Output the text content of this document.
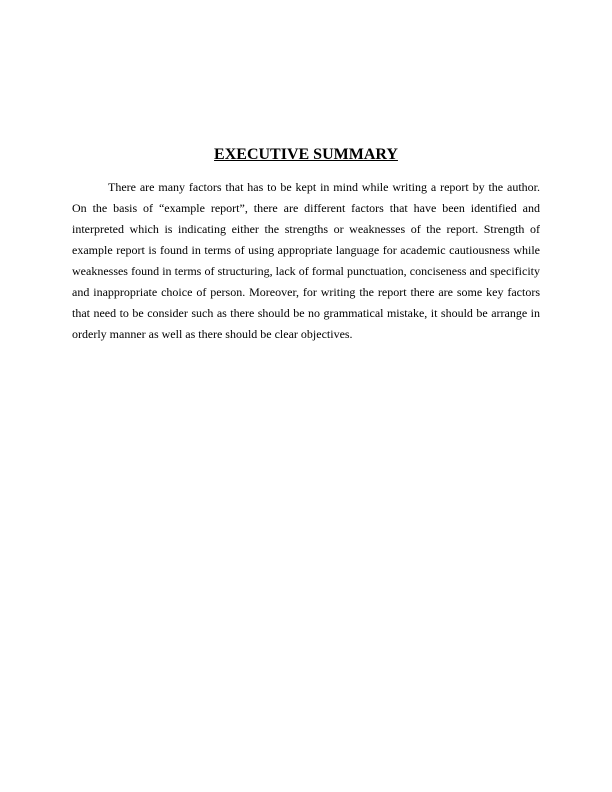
EXECUTIVE SUMMARY
There are many factors that has to be kept in mind while writing a report by the author.
On the basis of “example report”, there are different factors that have been identified and
interpreted which is indicating either the strengths or weaknesses of the report. Strength of
example report is found in terms of using appropriate language for academic cautiousness while
weaknesses found in terms of structuring, lack of formal punctuation, conciseness and specificity
and inappropriate choice of person. Moreover, for writing the report there are some key factors
that need to be consider such as there should be no grammatical mistake, it should be arrange in
orderly manner as well as there should be clear objectives.
